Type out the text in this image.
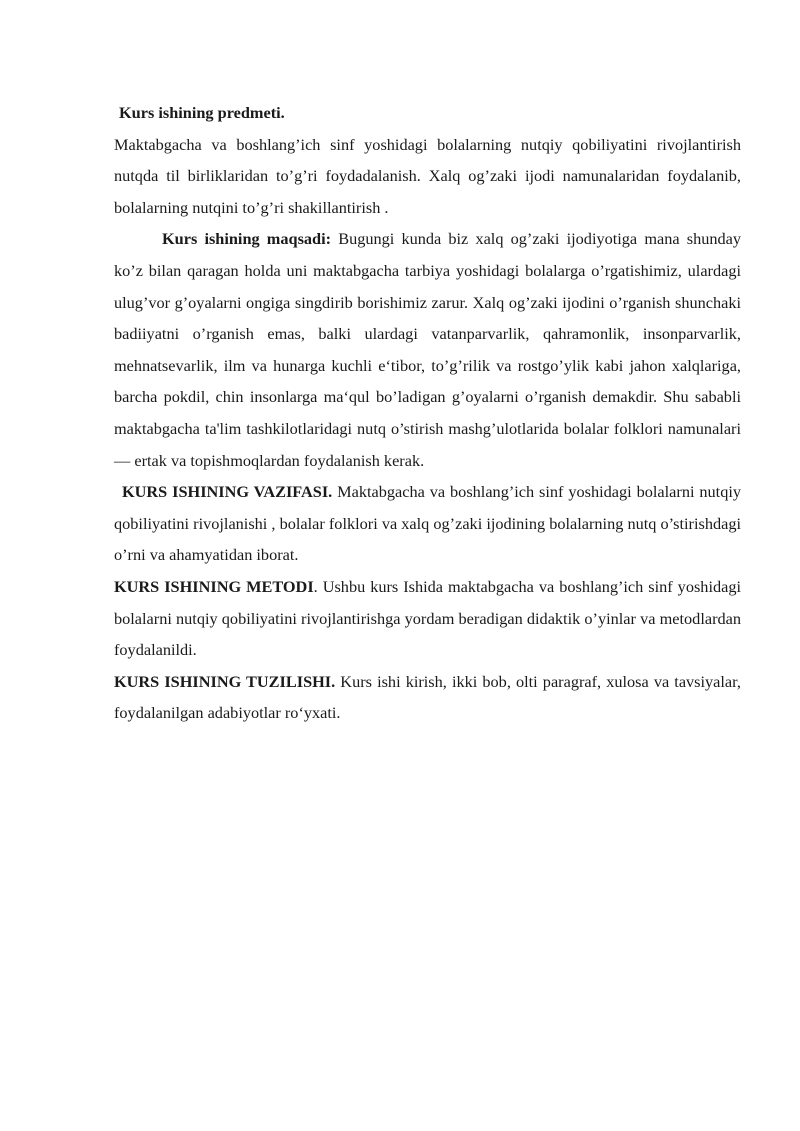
Kurs ishining predmeti.

Maktabgacha va boshlang’ich sinf yoshidagi bolalarning nutqiy qobiliyatini rivojlantirish nutqda til birliklaridan to’g’ri foydadalanish. Xalq og’zaki ijodi namunalaridan foydalanib, bolalarning nutqini to’g’ri shakillantirish .

Kurs ishining maqsadi: Bugungi kunda biz xalq og’zaki ijodiyotiga mana shunday ko’z bilan qaragan holda uni maktabgacha tarbiya yoshidagi bolalarga o’rgatishimiz, ulardagi ulug’vor g’oyalarni ongiga singdirib borishimiz zarur. Xalq og’zaki ijodini o’rganish shunchaki badiiyatni o’rganish emas, balki ulardagi vatanparvarlik, qahramonlik, insonparvarlik, mehnatsevarlik, ilm va hunarga kuchli e‘tibor, to’g’rilik va rostgo’ylik kabi jahon xalqlariga, barcha pokdil, chin insonlarga ma‘qul bo’ladigan g’oyalarni o’rganish demakdir. Shu sababli maktabgacha ta'lim tashkilotlaridagi nutq o’stirish mashg’ulotlarida bolalar folklori namunalari — ertak va topishmoqlardan foydalanish kerak.

KURS ISHINING VAZIFASI. Maktabgacha va boshlang’ich sinf yoshidagi bolalarni nutqiy qobiliyatini rivojlanishi , bolalar folklori va xalq og’zaki ijodining bolalarning nutq o’stirishdagi o’rni va ahamyatidan iborat.

KURS ISHINING METODI. Ushbu kurs Ishida maktabgacha va boshlang’ich sinf yoshidagi bolalarni nutqiy qobiliyatini rivojlantirishga yordam beradigan didaktik o’yinlar va metodlardan foydalanildi.

KURS ISHINING TUZILISHI. Kurs ishi kirish, ikki bob, olti paragraf, xulosa va tavsiyalar, foydalanilgan adabiyotlar ro‘yxati.
